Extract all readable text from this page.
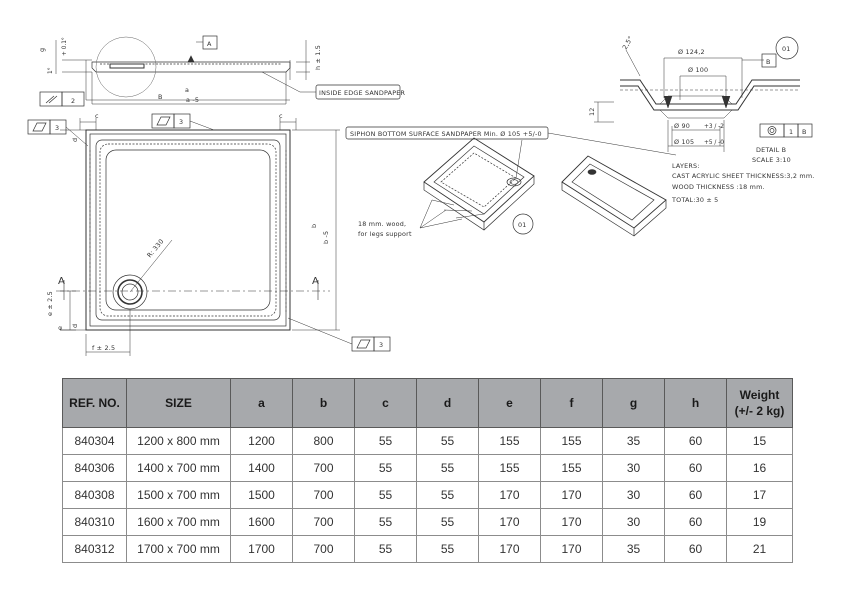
g	+ 0.1°
1°
h ± 1.5
A
2	B
a
a -5
INSIDE EDGE SANDPAPER
3
3
3
c	c
d
d
b
b -5
R: 330
A	A
e ± 2.5
e
f ± 2.5
SIPHON BOTTOM SURFACE SANDPAPER Min. Ø 105 +5/-0
18 mm. wood,
for legs support
01
Ø 124,2
Ø 100
Ø 90 +3 / -2
Ø 105 +5 / -0
2,5°
12
01
B
1 B
DETAIL B
SCALE 3:10
LAYERS:
CAST ACRYLIC SHEET THICKNESS:3,2 mm.
WOOD THICKNESS :18 mm.
TOTAL:30 ± 5
REF. NO.	SIZE	a	b	c	d	e	f	g	h	Weight (+/- 2 kg)
840304	1200 x 800 mm	1200	800	55	55	155	155	35	60	15
840306	1400 x 700 mm	1400	700	55	55	155	155	30	60	16
840308	1500 x 700 mm	1500	700	55	55	170	170	30	60	17
840310	1600 x 700 mm	1600	700	55	55	170	170	30	60	19
840312	1700 x 700 mm	1700	700	55	55	170	170	35	60	21
